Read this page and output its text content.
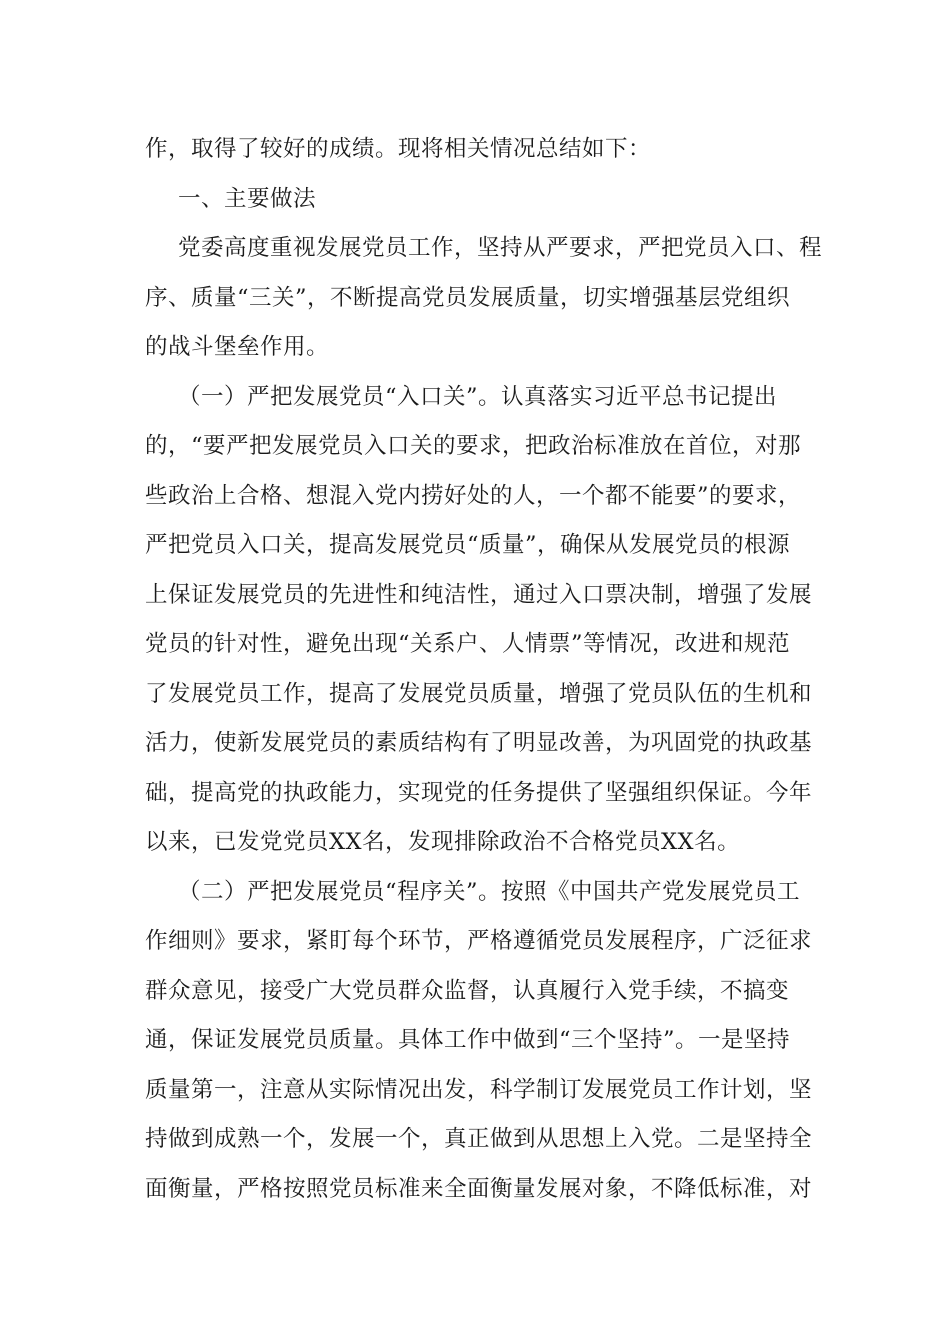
作，取得了较好的成绩。现将相关情况总结如下：
一、主要做法
党委高度重视发展党员工作，坚持从严要求，严把党员入口、程
序、质量“三关”，不断提高党员发展质量，切实增强基层党组织
的战斗堡垒作用。
（一）严把发展党员“入口关”。认真落实习近平总书记提出
的，“要严把发展党员入口关的要求，把政治标准放在首位，对那
些政治上合格、想混入党内捞好处的人，一个都不能要”的要求，
严把党员入口关，提高发展党员“质量”，确保从发展党员的根源
上保证发展党员的先进性和纯洁性，通过入口票决制，增强了发展
党员的针对性，避免出现“关系户、人情票”等情况，改进和规范
了发展党员工作，提高了发展党员质量，增强了党员队伍的生机和
活力，使新发展党员的素质结构有了明显改善，为巩固党的执政基
础，提高党的执政能力，实现党的任务提供了坚强组织保证。今年
以来，已发党党员XX名，发现排除政治不合格党员XX名。
（二）严把发展党员“程序关”。按照《中国共产党发展党员工
作细则》要求，紧盯每个环节，严格遵循党员发展程序，广泛征求
群众意见，接受广大党员群众监督，认真履行入党手续，不搞变
通，保证发展党员质量。具体工作中做到“三个坚持”。一是坚持
质量第一，注意从实际情况出发，科学制订发展党员工作计划，坚
持做到成熟一个，发展一个，真正做到从思想上入党。二是坚持全
面衡量，严格按照党员标准来全面衡量发展对象，不降低标准，对
